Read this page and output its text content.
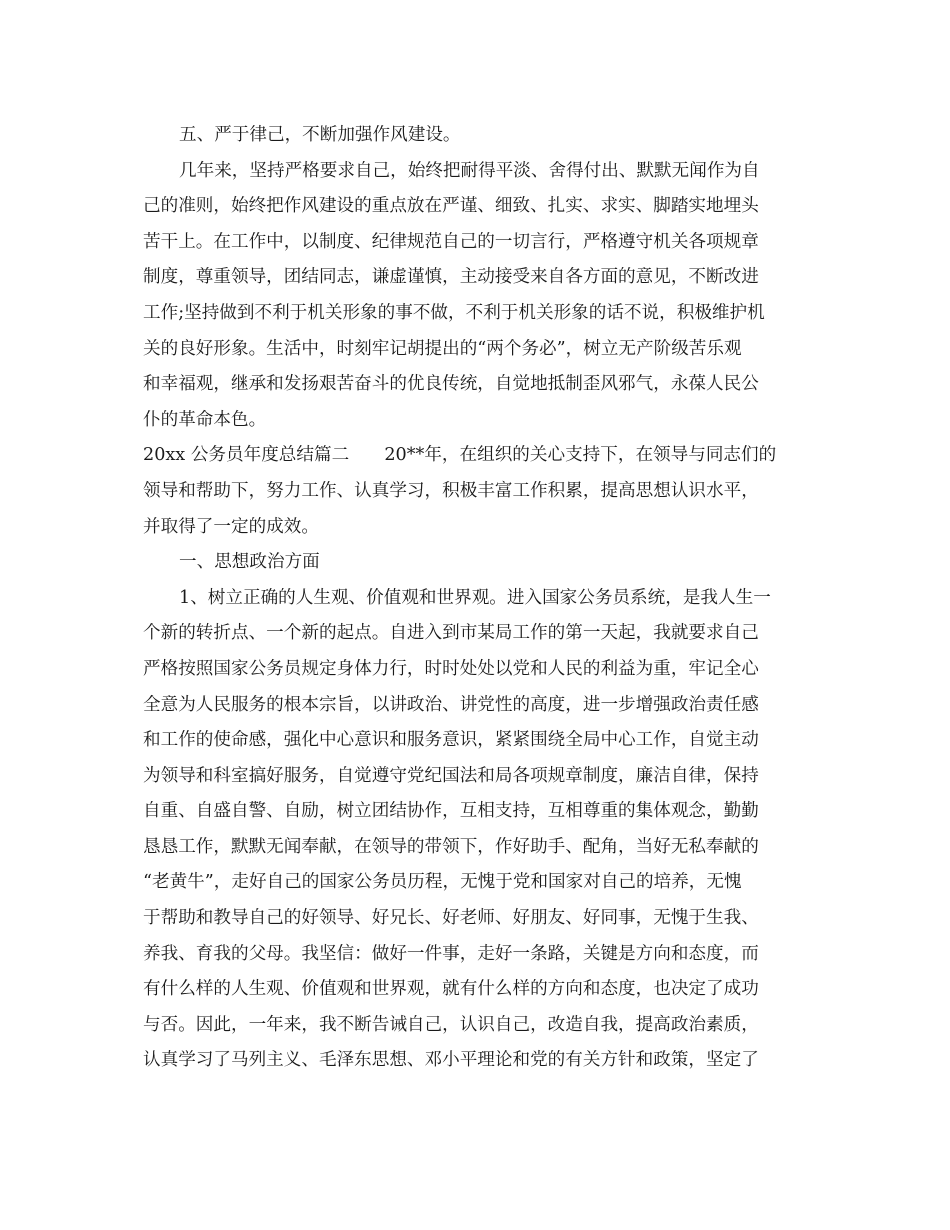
五、严于律己，不断加强作风建设。
几年来，坚持严格要求自己，始终把耐得平淡、舍得付出、默默无闻作为自
己的准则，始终把作风建设的重点放在严谨、细致、扎实、求实、脚踏实地埋头
苦干上。在工作中，以制度、纪律规范自己的一切言行，严格遵守机关各项规章
制度，尊重领导，团结同志，谦虚谨慎，主动接受来自各方面的意见，不断改进
工作;坚持做到不利于机关形象的事不做，不利于机关形象的话不说，积极维护机
关的良好形象。生活中，时刻牢记胡提出的“两个务必”，树立无产阶级苦乐观
和幸福观，继承和发扬艰苦奋斗的优良传统，自觉地抵制歪风邪气，永葆人民公
仆的革命本色。
20xx 公务员年度总结篇二　　20**年，在组织的关心支持下，在领导与同志们的
领导和帮助下，努力工作、认真学习，积极丰富工作积累，提高思想认识水平，
并取得了一定的成效。
一、思想政治方面
1、树立正确的人生观、价值观和世界观。进入国家公务员系统，是我人生一
个新的转折点、一个新的起点。自进入到市某局工作的第一天起，我就要求自己
严格按照国家公务员规定身体力行，时时处处以党和人民的利益为重，牢记全心
全意为人民服务的根本宗旨，以讲政治、讲党性的高度，进一步增强政治责任感
和工作的使命感，强化中心意识和服务意识，紧紧围绕全局中心工作，自觉主动
为领导和科室搞好服务，自觉遵守党纪国法和局各项规章制度，廉洁自律，保持
自重、自盛自警、自励，树立团结协作，互相支持，互相尊重的集体观念，勤勤
恳恳工作，默默无闻奉献，在领导的带领下，作好助手、配角，当好无私奉献的
“老黄牛”，走好自己的国家公务员历程，无愧于党和国家对自己的培养，无愧
于帮助和教导自己的好领导、好兄长、好老师、好朋友、好同事，无愧于生我、
养我、育我的父母。我坚信：做好一件事，走好一条路，关键是方向和态度，而
有什么样的人生观、价值观和世界观，就有什么样的方向和态度，也决定了成功
与否。因此，一年来，我不断告诫自己，认识自己，改造自我，提高政治素质，
认真学习了马列主义、毛泽东思想、邓小平理论和党的有关方针和政策，坚定了
